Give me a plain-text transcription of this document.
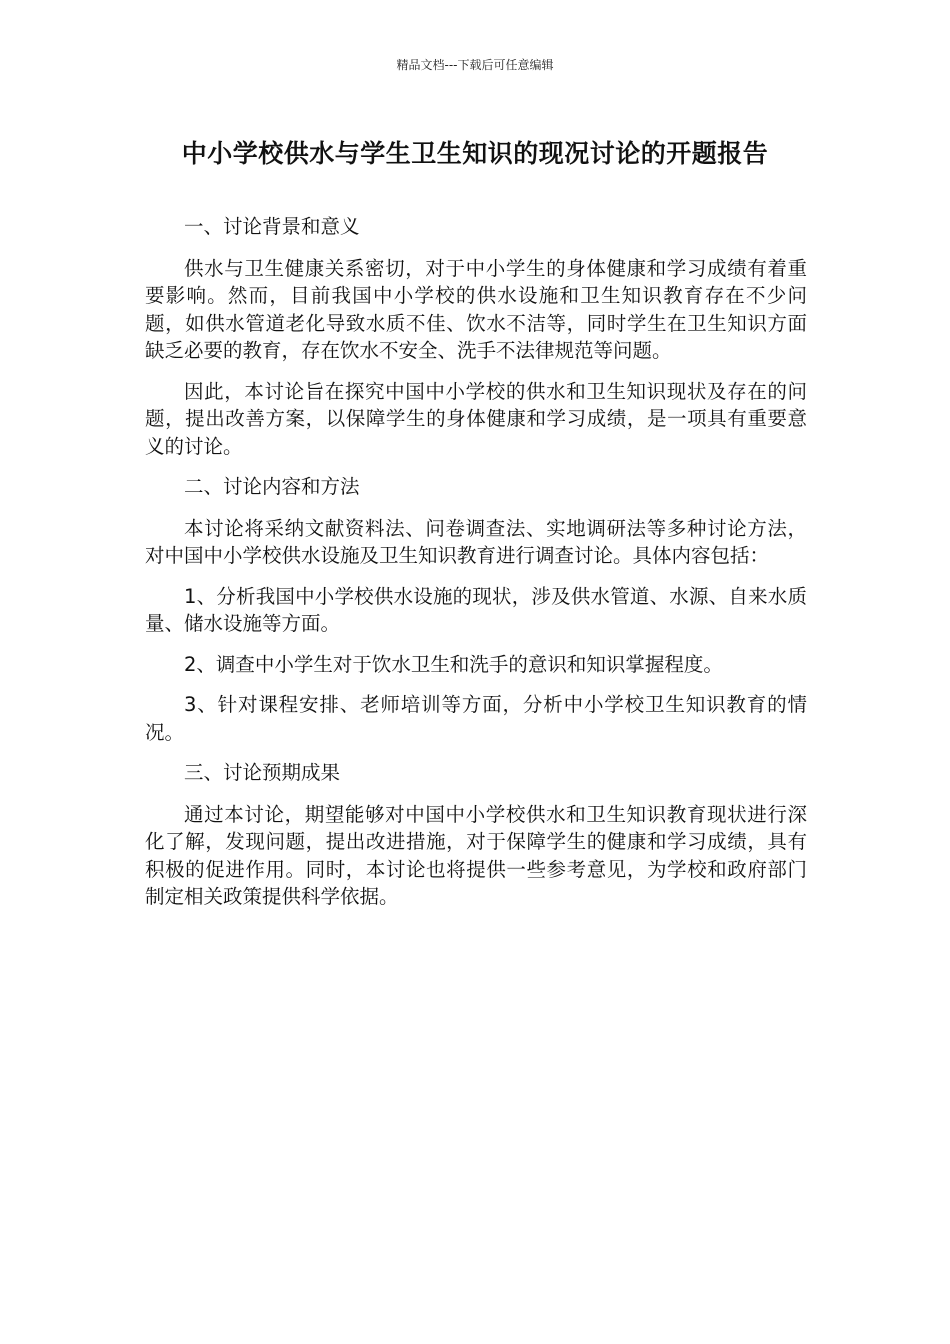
精品文档---下载后可任意编辑
中小学校供水与学生卫生知识的现况讨论的开题报告

一、讨论背景和意义

供水与卫生健康关系密切，对于中小学生的身体健康和学习成绩有着重要影响。然而，目前我国中小学校的供水设施和卫生知识教育存在不少问题，如供水管道老化导致水质不佳、饮水不洁等，同时学生在卫生知识方面缺乏必要的教育，存在饮水不安全、洗手不法律规范等问题。

因此，本讨论旨在探究中国中小学校的供水和卫生知识现状及存在的问题，提出改善方案，以保障学生的身体健康和学习成绩，是一项具有重要意义的讨论。

二、讨论内容和方法

本讨论将采纳文献资料法、问卷调查法、实地调研法等多种讨论方法，对中国中小学校供水设施及卫生知识教育进行调查讨论。具体内容包括：

1、分析我国中小学校供水设施的现状，涉及供水管道、水源、自来水质量、储水设施等方面。

2、调查中小学生对于饮水卫生和洗手的意识和知识掌握程度。

3、针对课程安排、老师培训等方面，分析中小学校卫生知识教育的情况。

三、讨论预期成果

通过本讨论，期望能够对中国中小学校供水和卫生知识教育现状进行深化了解，发现问题，提出改进措施，对于保障学生的健康和学习成绩，具有积极的促进作用。同时，本讨论也将提供一些参考意见，为学校和政府部门制定相关政策提供科学依据。
